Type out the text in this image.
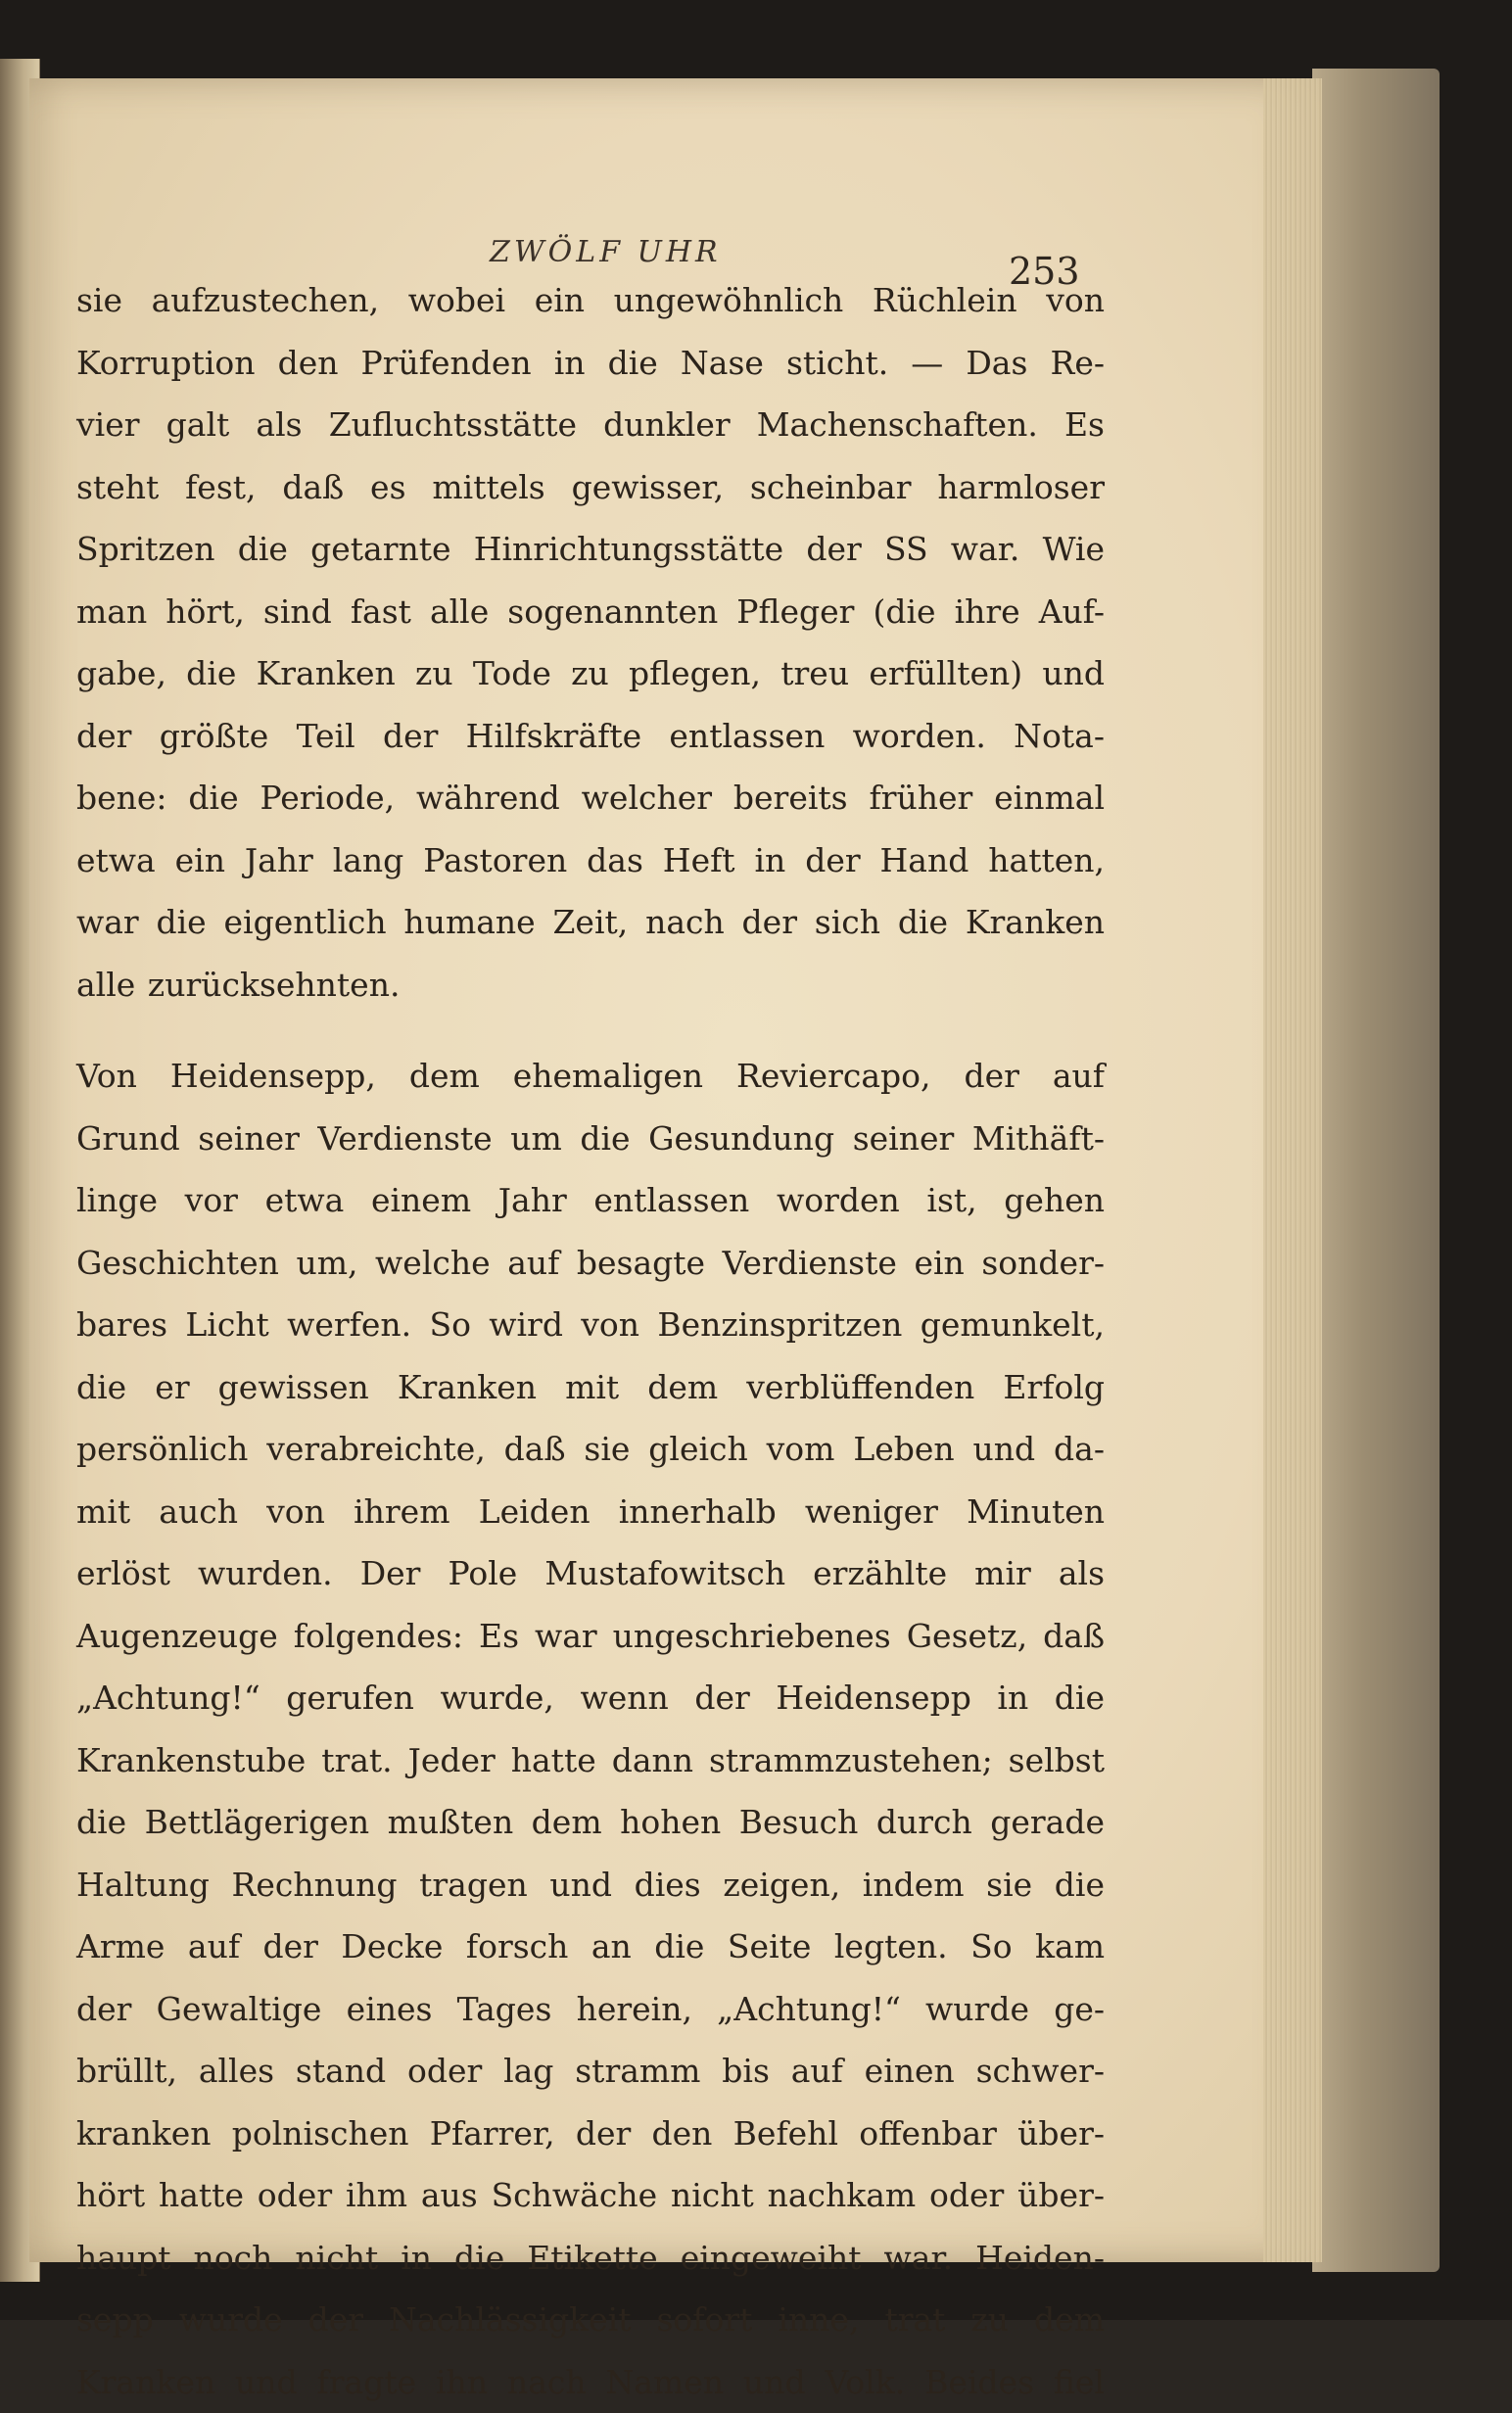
ZWÖLF UHR	253
sie aufzustechen, wobei ein ungewöhnlich Rüchlein von
Korruption den Prüfenden in die Nase sticht. — Das Re-
vier galt als Zufluchtsstätte dunkler Machenschaften. Es
steht fest, daß es mittels gewisser, scheinbar harmloser
Spritzen die getarnte Hinrichtungsstätte der SS war. Wie
man hört, sind fast alle sogenannten Pfleger (die ihre Auf-
gabe, die Kranken zu Tode zu pflegen, treu erfüllten) und
der größte Teil der Hilfskräfte entlassen worden. Nota-
bene: die Periode, während welcher bereits früher einmal
etwa ein Jahr lang Pastoren das Heft in der Hand hatten,
war die eigentlich humane Zeit, nach der sich die Kranken
alle zurücksehnten.
Von Heidensepp, dem ehemaligen Reviercapo, der auf
Grund seiner Verdienste um die Gesundung seiner Mithäft-
linge vor etwa einem Jahr entlassen worden ist, gehen
Geschichten um, welche auf besagte Verdienste ein sonder-
bares Licht werfen. So wird von Benzinspritzen gemunkelt,
die er gewissen Kranken mit dem verblüffenden Erfolg
persönlich verabreichte, daß sie gleich vom Leben und da-
mit auch von ihrem Leiden innerhalb weniger Minuten
erlöst wurden. Der Pole Mustafowitsch erzählte mir als
Augenzeuge folgendes: Es war ungeschriebenes Gesetz, daß
„Achtung!“ gerufen wurde, wenn der Heidensepp in die
Krankenstube trat. Jeder hatte dann strammzustehen; selbst
die Bettlägerigen mußten dem hohen Besuch durch gerade
Haltung Rechnung tragen und dies zeigen, indem sie die
Arme auf der Decke forsch an die Seite legten. So kam
der Gewaltige eines Tages herein, „Achtung!“ wurde ge-
brüllt, alles stand oder lag stramm bis auf einen schwer-
kranken polnischen Pfarrer, der den Befehl offenbar über-
hört hatte oder ihm aus Schwäche nicht nachkam oder über-
haupt noch nicht in die Etikette eingeweiht war. Heiden-
sepp wurde der Nachlässigkeit sofort inne, trat zu dem
Kranken und fragte ihn nach Namen und Volk. Beides fiel
